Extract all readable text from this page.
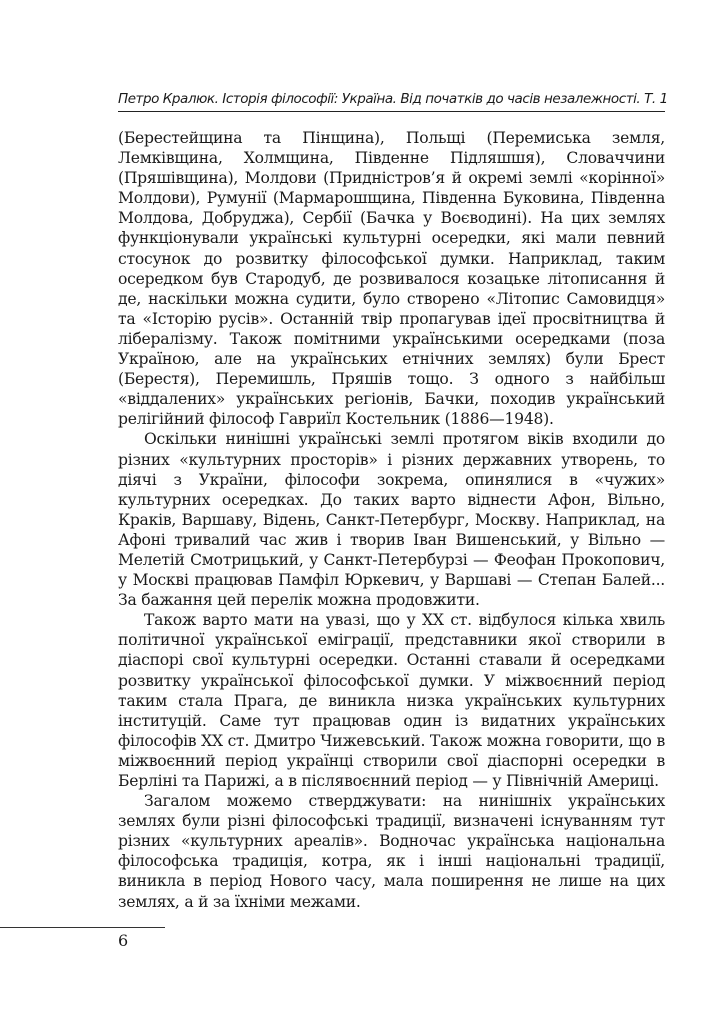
Петро Кралюк. Історія філософії: Україна. Від початків до часів незалежності. Т. 1

(Берестейщина та Пінщина), Польщі (Перемиська земля, Лемківщина, Холмщина, Південне Підляшшя), Словаччини (Пряшівщина), Молдови (Придністров’я й окремі землі «корінної» Молдови), Румунії (Мармарошщина, Південна Буковина, Південна Молдова, Добруджа), Сербії (Бачка у Воєводині). На цих землях функціонували українські культурні осередки, які мали певний стосунок до розвитку філософської думки. Наприклад, таким осередком був Стародуб, де розвивалося козацьке літописання й де, наскільки можна судити, було створено «Літопис Самовидця» та «Історію русів». Останній твір пропагував ідеї просвітництва й лібералізму. Також помітними українськими осередками (поза Україною, але на українських етнічних землях) були Брест (Берестя), Перемишль, Пряшів тощо. З одного з найбільш «віддалених» українських регіонів, Бачки, походив український релігійний філософ Гавриїл Костельник (1886—1948).

Оскільки нинішні українські землі протягом віків входили до різних «культурних просторів» і різних державних утворень, то діячі з України, філософи зокрема, опинялися в «чужих» культурних осередках. До таких варто віднести Афон, Вільно, Краків, Варшаву, Відень, Санкт-Петербург, Москву. Наприклад, на Афоні тривалий час жив і творив Іван Вишенський, у Вільно — Мелетій Смотрицький, у Санкт-Петербурзі — Феофан Прокопович, у Москві працював Памфіл Юркевич, у Варшаві — Степан Балей... За бажання цей перелік можна продовжити.

Також варто мати на увазі, що у XX ст. відбулося кілька хвиль політичної української еміграції, представники якої створили в діаспорі свої культурні осередки. Останні ставали й осередками розвитку української філософської думки. У міжвоєнний період таким стала Прага, де виникла низка українських культурних інституцій. Саме тут працював один із видатних українських філософів XX ст. Дмитро Чижевський. Також можна говорити, що в міжвоєнний період українці створили свої діаспорні осередки в Берліні та Парижі, а в післявоєнний період — у Північній Америці.

Загалом можемо стверджувати: на нинішніх українських землях були різні філософські традиції, визначені існуванням тут різних «культурних ареалів». Водночас українська національна філософська традиція, котра, як і інші національні традиції, виникла в період Нового часу, мала поширення не лише на цих землях, а й за їхніми межами.

6
